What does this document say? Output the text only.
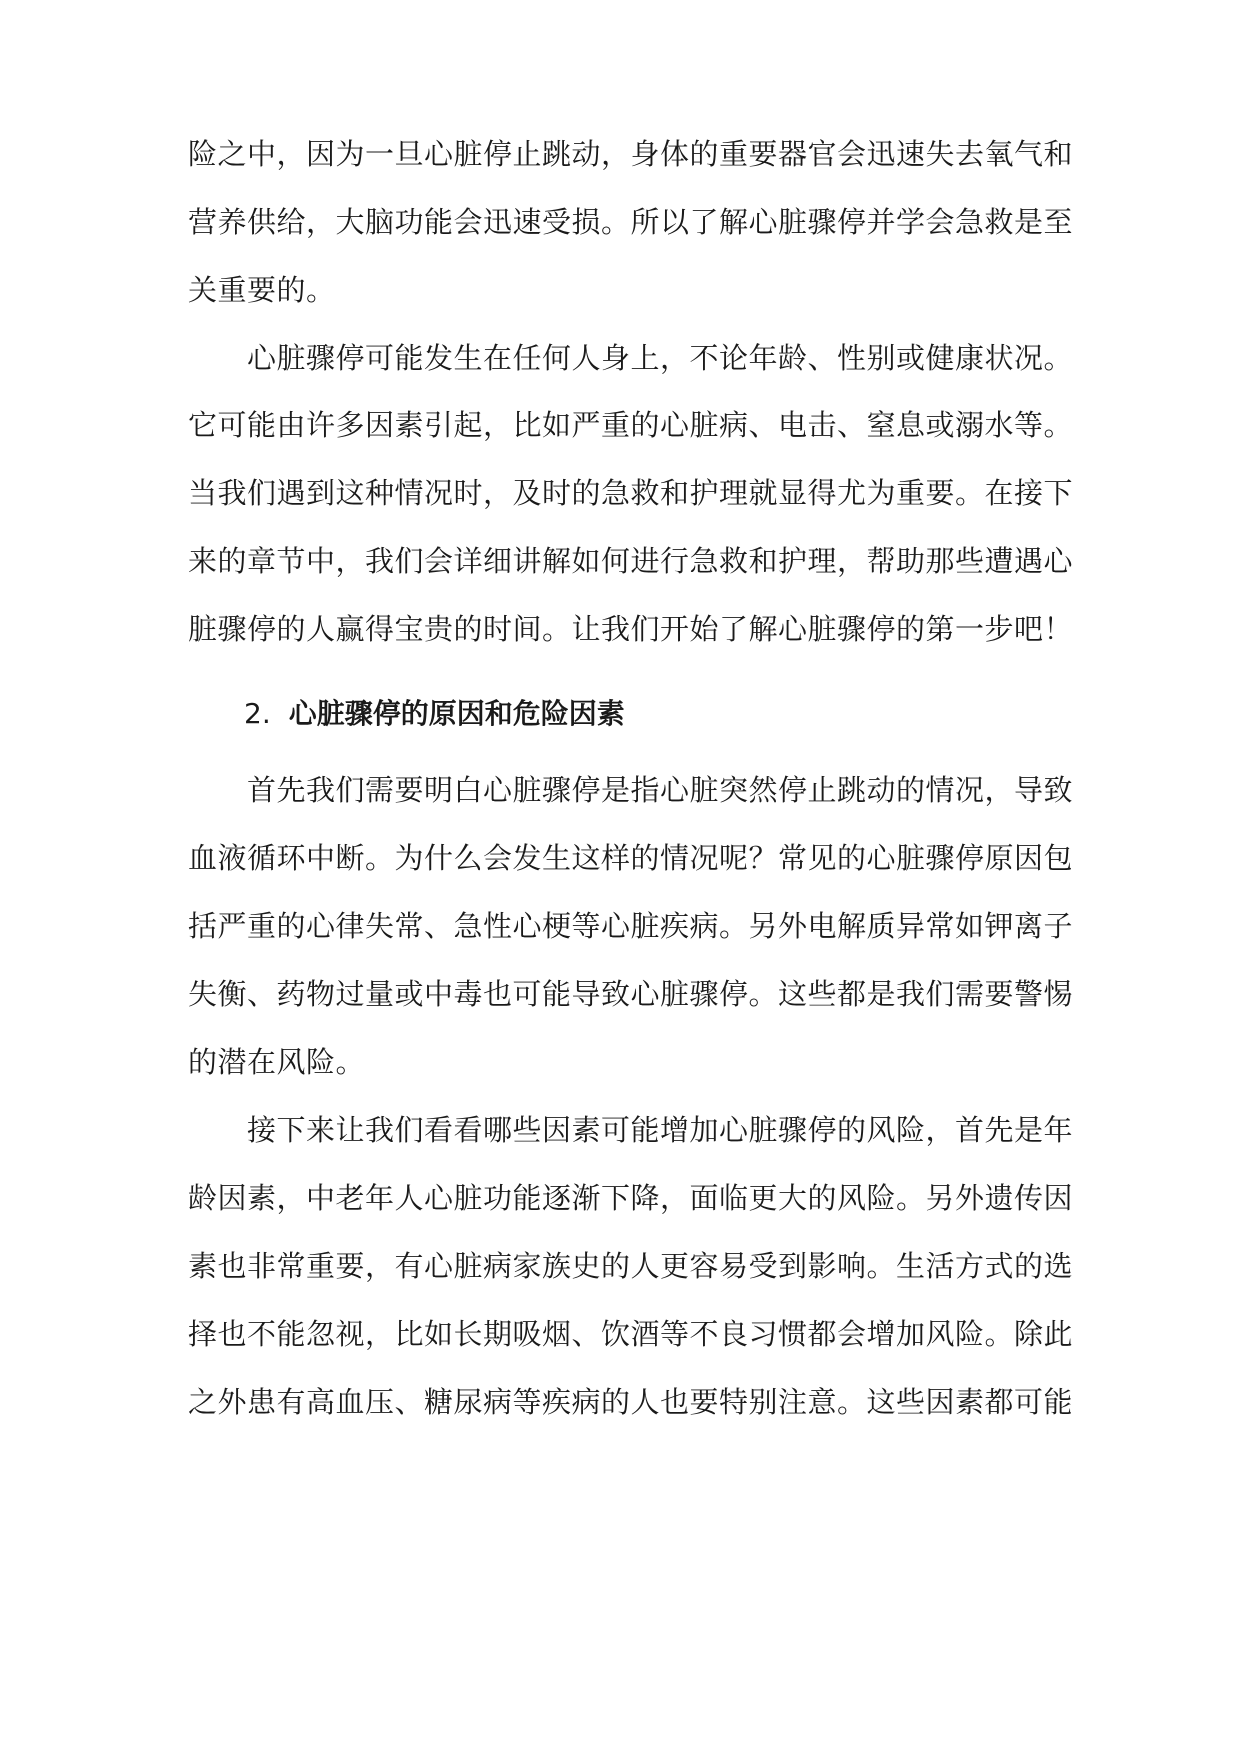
险之中，因为一旦心脏停止跳动，身体的重要器官会迅速失去氧气和
营养供给，大脑功能会迅速受损。所以了解心脏骤停并学会急救是至
关重要的。
心脏骤停可能发生在任何人身上，不论年龄、性别或健康状况。
它可能由许多因素引起，比如严重的心脏病、电击、窒息或溺水等。
当我们遇到这种情况时，及时的急救和护理就显得尤为重要。在接下
来的章节中，我们会详细讲解如何进行急救和护理，帮助那些遭遇心
脏骤停的人赢得宝贵的时间。让我们开始了解心脏骤停的第一步吧！
2. 心脏骤停的原因和危险因素
首先我们需要明白心脏骤停是指心脏突然停止跳动的情况，导致
血液循环中断。为什么会发生这样的情况呢？常见的心脏骤停原因包
括严重的心律失常、急性心梗等心脏疾病。另外电解质异常如钾离子
失衡、药物过量或中毒也可能导致心脏骤停。这些都是我们需要警惕
的潜在风险。
接下来让我们看看哪些因素可能增加心脏骤停的风险，首先是年
龄因素，中老年人心脏功能逐渐下降，面临更大的风险。另外遗传因
素也非常重要，有心脏病家族史的人更容易受到影响。生活方式的选
择也不能忽视，比如长期吸烟、饮酒等不良习惯都会增加风险。除此
之外患有高血压、糖尿病等疾病的人也要特别注意。这些因素都可能
